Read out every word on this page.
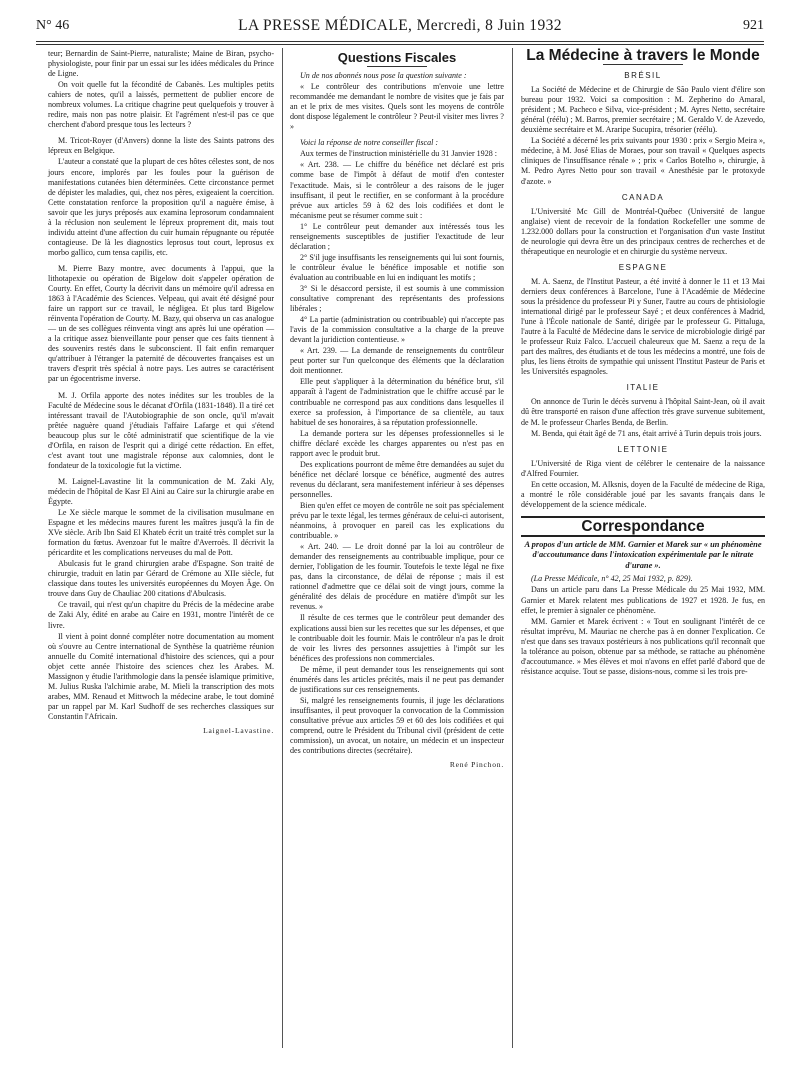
N° 46	LA PRESSE MÉDICALE, Mercredi, 8 Juin 1932	921

teur; Bernardin de Saint-Pierre, naturaliste; Maine de Biran, psycho-physiologiste, pour finir par un essai sur les idées médicales du Prince de Ligne.

On voit quelle fut la fécondité de Cabanès. Les multiples petits cahiers de notes, qu'il a laissés, permettent de publier encore de nombreux volumes. La critique chagrine peut quelquefois y trouver à redire, mais non pas notre plaisir. Et l'agrément n'est-il pas ce que cherchent d'abord presque tous les lecteurs ?

M. Tricot-Royer (d'Anvers) donne la liste des Saints patrons des lépreux en Belgique.

L'auteur a constaté que la plupart de ces hôtes célestes sont, de nos jours encore, implorés par les foules pour la guérison de manifestations cutanées bien déterminées. Cette circonstance permet de dépister les maladies, qui, chez nos pères, exigeaient la coercition. Cette constatation renforce la proposition qu'il a naguère émise, à savoir que les jurys préposés aux examina leprosorum condamnaient à la réclusion non seulement le lépreux proprement dit, mais tout individu atteint d'une affection du cuir humain répugnante ou réputée contagieuse. De là les diagnostics leprosus tout court, leprosus ex morbo gallico, cum tensa capilis, etc.

M. Pierre Bazy montre, avec documents à l'appui, que la lithotapexie ou opération de Bigelow doit s'appeler opération de Courty. En effet, Courty la décrivit dans un mémoire qu'il adressa en 1863 à l'Académie des Sciences. Velpeau, qui avait été désigné pour faire un rapport sur ce travail, le négligea. Et plus tard Bigelow réinventa l'opération de Courty. M. Bazy, qui observa un cas analogue — un de ses collègues réinventa vingt ans après lui une opération — a la critique assez bienveillante pour penser que ces faits tiennent à des souvenirs restés dans le subconscient. Il fait enfin remarquer qu'attribuer à l'étranger la paternité de découvertes françaises est un travers d'esprit très spécial à notre pays. Les autres se caractérisent par un égocentrisme inverse.

M. J. Orfila apporte des notes inédites sur les troubles de la Faculté de Médecine sous le décanat d'Orfila (1831-1848). Il a tiré cet intéressant travail de l'Autobiographie de son oncle, qu'il m'avait prêtée naguère quand j'étudiais l'affaire Lafarge et qui s'étend beaucoup plus sur le côté administratif que scientifique de la vie d'Orfila, en raison de l'esprit qui a dirigé cette rédaction. En effet, c'est avant tout une magistrale réponse aux calomnies, dont le fondateur de la toxicologie fut la victime.

M. Laignel-Lavastine lit la communication de M. Zaki Aly, médecin de l'hôpital de Kasr El Aini au Caire sur la chirurgie arabe en Égypte.

Le Xe siècle marque le sommet de la civilisation musulmane en Espagne et les médecins maures furent les maîtres jusqu'à la fin de XVe siècle. Arib Ibn Said El Khateb écrit un traité très complet sur la formation du fœtus. Avenzoar fut le maître d'Averroès. Il décrivit la péricardite et les complications nerveuses du mal de Pott.

Abulcasis fut le grand chirurgien arabe d'Espagne. Son traité de chirurgie, traduit en latin par Gérard de Crémone au XIIe siècle, fut classique dans toutes les universités européennes du Moyen Âge. On trouve dans Guy de Chauliac 200 citations d'Abulcasis.

Ce travail, qui n'est qu'un chapitre du Précis de la médecine arabe de Zaki Aly, édité en arabe au Caire en 1931, montre l'intérêt de ce livre.

Il vient à point donné compléter notre documentation au moment où s'ouvre au Centre international de Synthèse la quatrième réunion annuelle du Comité international d'histoire des sciences, qui a pour objet cette année l'histoire des sciences chez les Arabes. M. Massignon y étudie l'arithmologie dans la pensée islamique primitive, M. Julius Ruska l'alchimie arabe, M. Mieli la transcription des mots arabes, MM. Renaud et Mittwoch la médecine arabe, le tout dominé par un rappel par M. Karl Sudhoff de ses recherches classiques sur Constantin l'Africain.

Laignel-Lavastine.
Questions Fiscales

Un de nos abonnés nous pose la question suivante :

« Le contrôleur des contributions m'envoie une lettre recommandée me demandant le nombre de visites que je fais par an et le prix de mes visites. Quels sont les moyens de contrôle dont dispose légalement le contrôleur ? Peut-il visiter mes livres ? »

Voici la réponse de notre conseiller fiscal :

Aux termes de l'instruction ministérielle du 31 Janvier 1928 :

« Art. 238. — Le chiffre du bénéfice net déclaré est pris comme base de l'impôt à défaut de motif d'en contester l'exactitude. Mais, si le contrôleur a des raisons de le juger insuffisant, il peut le rectifier, en se conformant à la procédure prévue aux articles 59 à 62 des lois codifiées et dont le mécanisme peut se résumer comme suit :

1° Le contrôleur peut demander aux intéressés tous les renseignements susceptibles de justifier l'exactitude de leur déclaration ;

2° S'il juge insuffisants les renseignements qui lui sont fournis, le contrôleur évalue le bénéfice imposable et notifie son évaluation au contribuable en lui en indiquant les motifs ;

3° Si le désaccord persiste, il est soumis à une commission consultative comprenant des représentants des professions libérales ;

4° La partie (administration ou contribuable) qui n'accepte pas l'avis de la commission consultative a la charge de la preuve devant la juridiction contentieuse. »

« Art. 239. — La demande de renseignements du contrôleur peut porter sur l'un quelconque des éléments que la déclaration doit mentionner.

Elle peut s'appliquer à la détermination du bénéfice brut, s'il apparaît à l'agent de l'administration que le chiffre accusé par le contribuable ne correspond pas aux conditions dans lesquelles il exerce sa profession, à l'importance de sa clientèle, au taux habituel de ses honoraires, à sa réputation professionnelle.

La demande portera sur les dépenses professionnelles si le chiffre déclaré excède les charges apparentes ou n'est pas en rapport avec le produit brut.

Des explications pourront de même être demandées au sujet du bénéfice net déclaré lorsque ce bénéfice, augmenté des autres revenus du déclarant, sera manifestement inférieur à ses dépenses personnelles.

Bien qu'en effet ce moyen de contrôle ne soit pas spécialement prévu par le texte légal, les termes généraux de celui-ci autorisent, néanmoins, à provoquer en pareil cas les explications du contribuable. »

« Art. 240. — Le droit donné par la loi au contrôleur de demander des renseignements au contribuable implique, pour ce dernier, l'obligation de les fournir. Toutefois le texte légal ne fixe pas, dans la circonstance, de délai de réponse ; mais il est rationnel d'admettre que ce délai soit de vingt jours, comme la généralité des délais de procédure en matière d'impôt sur les revenus. »

Il résulte de ces termes que le contrôleur peut demander des explications aussi bien sur les recettes que sur les dépenses, et que le contribuable doit les fournir. Mais le contrôleur n'a pas le droit de voir les livres des personnes assujetties à l'impôt sur les bénéfices des professions non commerciales.

De même, il peut demander tous les renseignements qui sont énumérés dans les articles précités, mais il ne peut pas demander de justifications sur ces renseignements.

Si, malgré les renseignements fournis, il juge les déclarations insuffisantes, il peut provoquer la convocation de la Commission consultative prévue aux articles 59 et 60 des lois codifiées et qui comprend, outre le Président du Tribunal civil (président de cette commission), un avocat, un notaire, un médecin et un inspecteur des contributions directes (secrétaire).

René Pinchon.
La Médecine à travers le Monde
BRÉSIL

La Société de Médecine et de Chirurgie de São Paulo vient d'élire son bureau pour 1932. Voici sa composition : M. Zepherino do Amaral, président ; M. Pacheco e Silva, vice-président ; M. Ayres Netto, secrétaire général (réélu) ; M. Barros, premier secrétaire ; M. Geraldo V. de Azevedo, deuxième secrétaire et M. Araripe Sucupira, trésorier (réélu).

La Société a décerné les prix suivants pour 1930 : prix « Sergio Meira », médecine, à M. José Elias de Moraes, pour son travail « Quelques aspects cliniques de l'insuffisance rénale » ; prix « Carlos Botelho », chirurgie, à M. Pedro Ayres Netto pour son travail « Anesthésie par le protoxyde d'azote. »

CANADA

L'Université Mc Gill de Montréal-Québec (Université de langue anglaise) vient de recevoir de la fondation Rockefeller une somme de 1.232.000 dollars pour la construction et l'organisation d'un vaste Institut de neurologie qui devra être un des principaux centres de recherches et de thérapeutique en neurologie et en chirurgie du système nerveux.

ESPAGNE

M. A. Saenz, de l'Institut Pasteur, a été invité à donner le 11 et 13 Mai derniers deux conférences à Barcelone, l'une à l'Académie de Médecine sous la présidence du professeur Pi y Suner, l'autre au cours de phtisiologie international dirigé par le professeur Sayé ; et deux conférences à Madrid, l'une à l'École nationale de Santé, dirigée par le professeur G. Pittaluga, l'autre à la Faculté de Médecine dans le service de microbiologie dirigé par le professeur Ruiz Falco. L'accueil chaleureux que M. Saenz a reçu de la part des maîtres, des étudiants et de tous les médecins a montré, une fois de plus, les liens étroits de sympathie qui unissent l'Institut Pasteur de Paris et les Universités espagnoles.

ITALIE

On annonce de Turin le décès survenu à l'hôpital Saint-Jean, où il avait dû être transporté en raison d'une affection très grave survenue subitement, de M. le professeur Charles Benda, de Berlin.

M. Benda, qui était âgé de 71 ans, était arrivé à Turin depuis trois jours.

LETTONIE

L'Université de Riga vient de célébrer le centenaire de la naissance d'Alfred Fournier.

En cette occasion, M. Alksnis, doyen de la Faculté de médecine de Riga, a montré le rôle considérable joué par les savants français dans le développement de la science médicale.

Correspondance
A propos d'un article de MM. Garnier et Marek sur « un phénomène d'accoutumance dans l'intoxication expérimentale par le nitrate d'urane ».

(La Presse Médicale, n° 42, 25 Mai 1932, p. 829).

Dans un article paru dans La Presse Médicale du 25 Mai 1932, MM. Garnier et Marek relatent mes publications de 1927 et 1928. Je fus, en effet, le premier à signaler ce phénomène.

MM. Garnier et Marek écrivent : « Tout en soulignant l'intérêt de ce résultat imprévu, M. Mauriac ne cherche pas à en donner l'explication. Ce n'est que dans ses travaux postérieurs à nos publications qu'il reconnaît que la tolérance au poison, obtenue par sa méthode, se rattache au phénomène d'accoutumance. » Mes élèves et moi n'avons en effet parlé d'abord que de résistance acquise. Tout se passe, disions-nous, comme si les trois pre-
